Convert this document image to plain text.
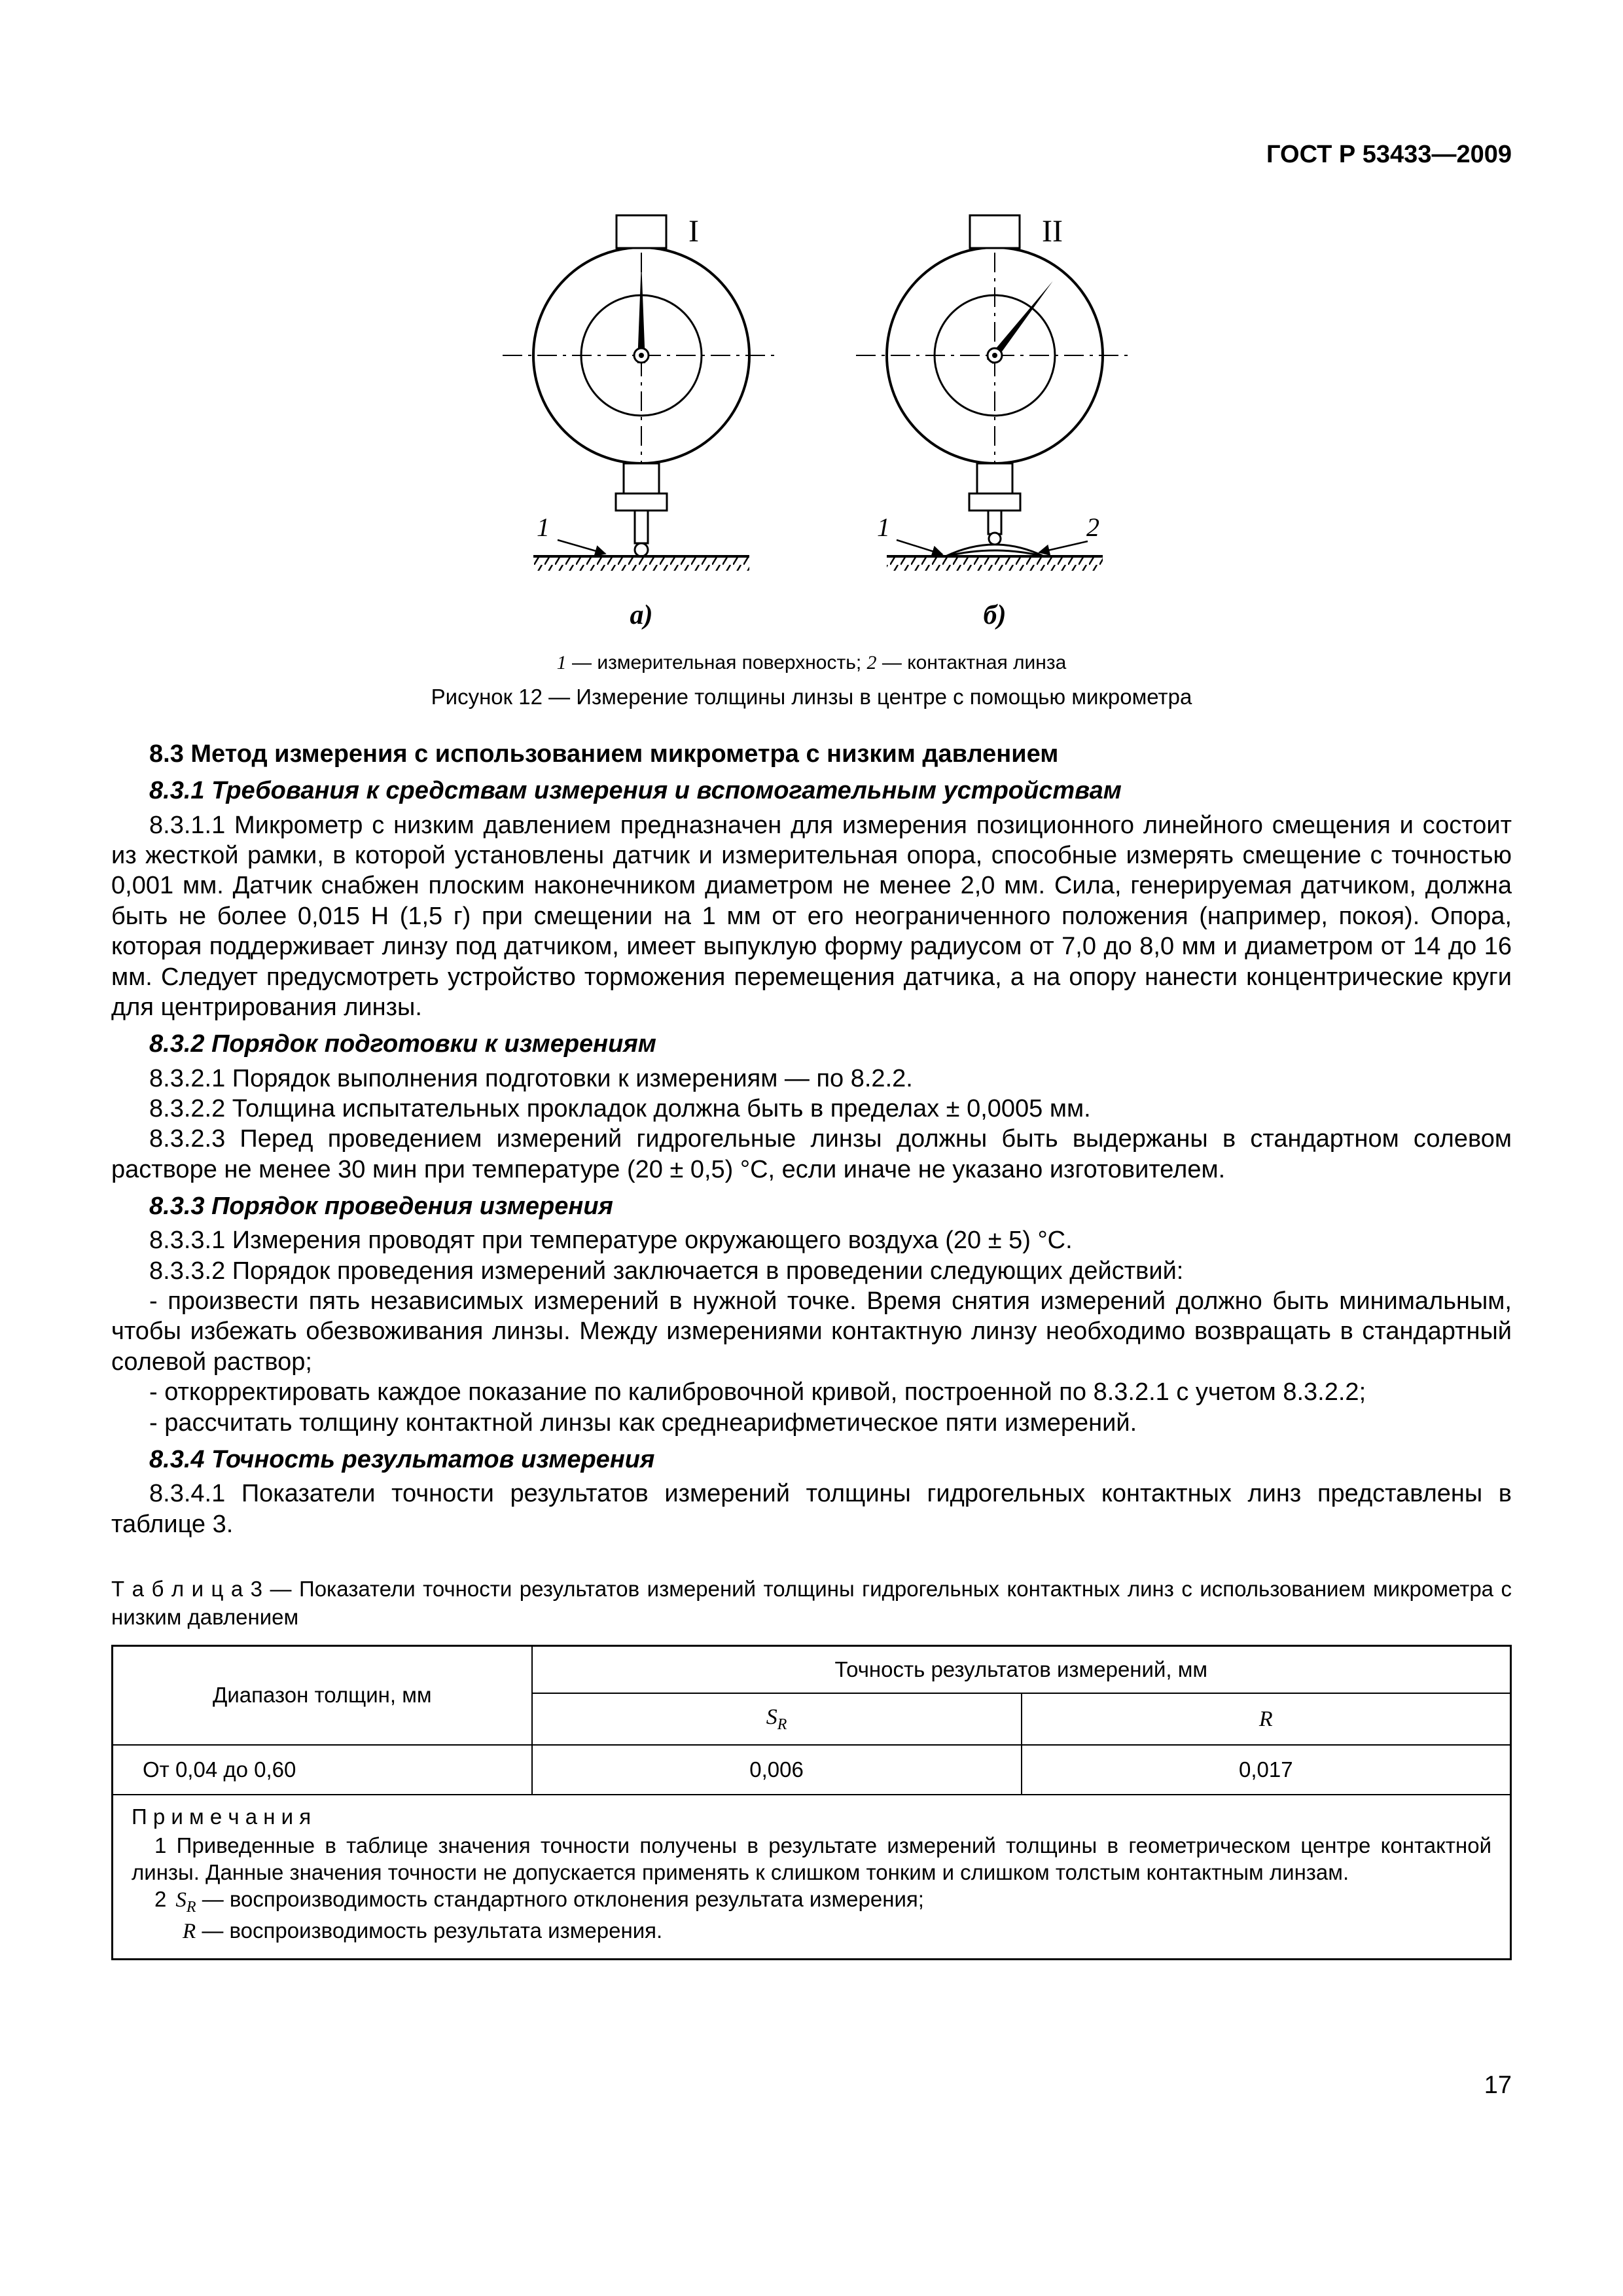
ГОСТ Р 53433—2009
1
I
а)
1	2
II
б)
1 — измерительная поверхность; 2 — контактная линза
Рисунок 12 — Измерение толщины линзы в центре с помощью микрометра

8.3 Метод измерения с использованием микрометра с низким давлением

8.3.1 Требования к средствам измерения и вспомогательным устройствам

8.3.1.1 Микрометр с низким давлением предназначен для измерения позиционного линейного смещения и состоит из жесткой рамки, в которой установлены датчик и измерительная опора, способные измерять смещение с точностью 0,001 мм. Датчик снабжен плоским наконечником диаметром не менее 2,0 мм. Сила, генерируемая датчиком, должна быть не более 0,015 Н (1,5 г) при смещении на 1 мм от его неограниченного положения (например, покоя). Опора, которая поддерживает линзу под датчиком, имеет выпуклую форму радиусом от 7,0 до 8,0 мм и диаметром от 14 до 16 мм. Следует предусмотреть устройство торможения перемещения датчика, а на опору нанести концентрические круги для центрирования линзы.

8.3.2 Порядок подготовки к измерениям

8.3.2.1 Порядок выполнения подготовки к измерениям — по 8.2.2.

8.3.2.2 Толщина испытательных прокладок должна быть в пределах ± 0,0005 мм.

8.3.2.3 Перед проведением измерений гидрогельные линзы должны быть выдержаны в стандартном солевом растворе не менее 30 мин при температуре (20 ± 0,5) °С, если иначе не указано изготовителем.

8.3.3 Порядок проведения измерения

8.3.3.1 Измерения проводят при температуре окружающего воздуха (20 ± 5) °С.

8.3.3.2 Порядок проведения измерений заключается в проведении следующих действий:

- произвести пять независимых измерений в нужной точке. Время снятия измерений должно быть минимальным, чтобы избежать обезвоживания линзы. Между измерениями контактную линзу необходимо возвращать в стандартный солевой раствор;

- откорректировать каждое показание по калибровочной кривой, построенной по 8.3.2.1 с учетом 8.3.2.2;

- рассчитать толщину контактной линзы как среднеарифметическое пяти измерений.

8.3.4 Точность результатов измерения

8.3.4.1 Показатели точности результатов измерений толщины гидрогельных контактных линз представлены в таблице 3.

Т а б л и ц а 3 — Показатели точности результатов измерений толщины гидрогельных контактных линз с использованием микрометра с низким давлением
Диапазон толщин, мм	Точность результатов измерений, мм	
	$S_R$	R
От 0,04 до 0,60	0,006	0,017

П р и м е ч а н и я
1 Приведенные в таблице значения точности получены в результате измерений толщины в геометрическом центре контактной линзы. Данные значения точности не допускается применять к слишком тонким и слишком толстым контактным линзам.
2 $S_R$ — воспроизводимость стандартного отклонения результата измерения;
R — воспроизводимость результата измерения.		
17
